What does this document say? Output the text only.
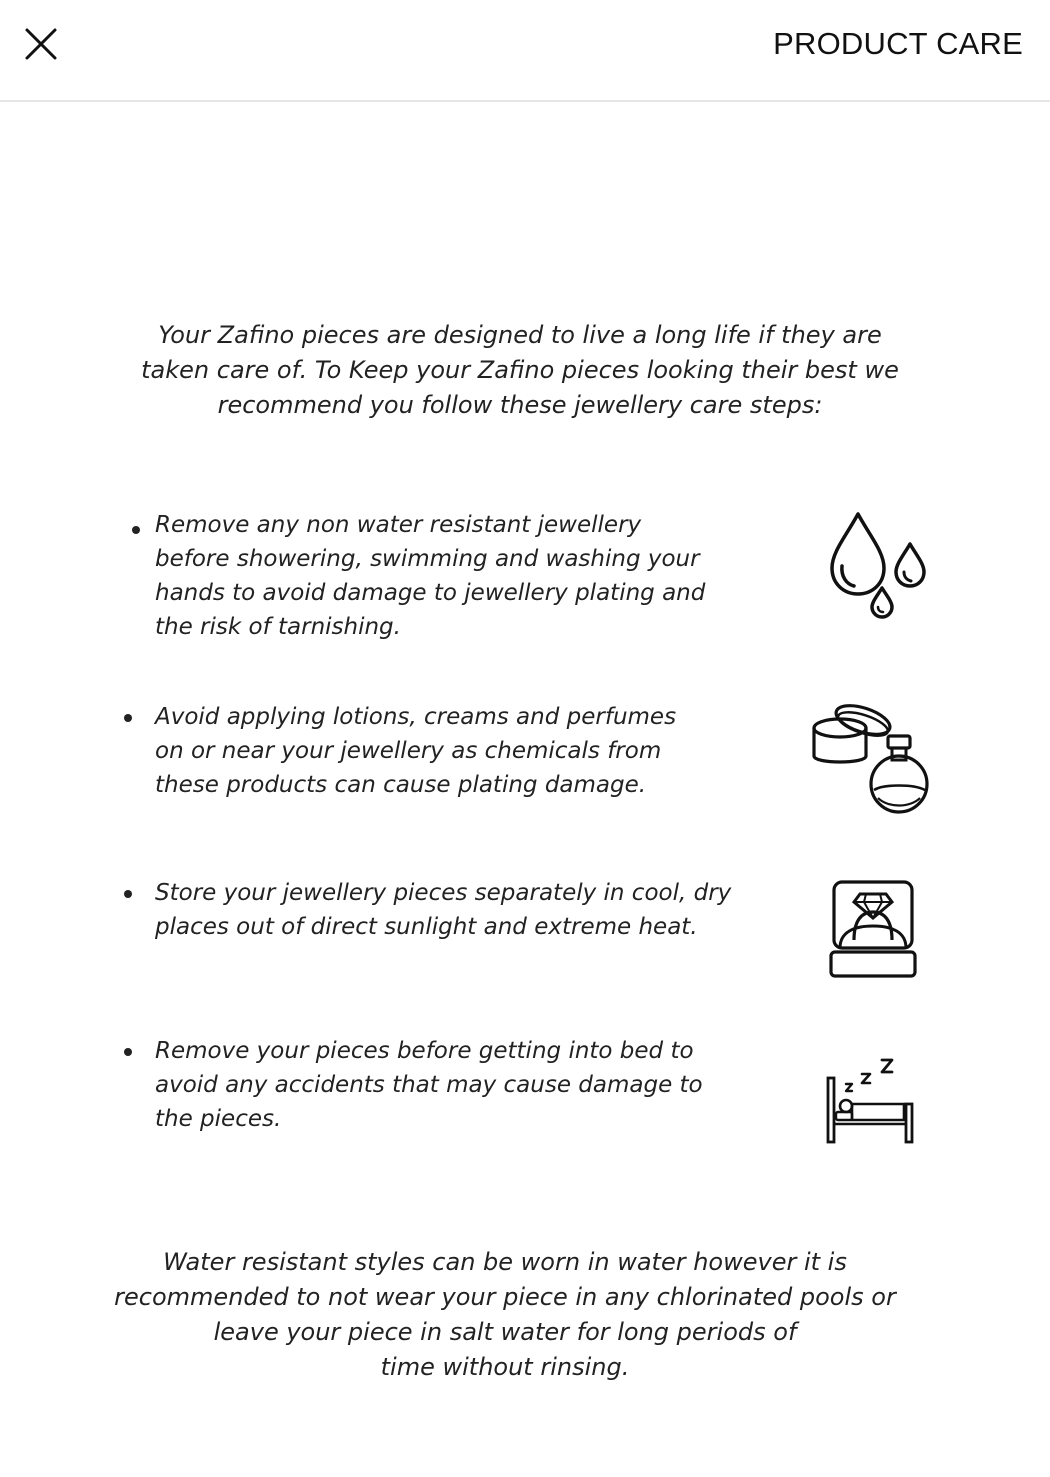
PRODUCT CARE
Your Zafino pieces are designed to live a long life if they are
taken care of. To Keep your Zafino pieces looking their best we
recommend you follow these jewellery care steps:
Remove any non water resistant jewellery
before showering, swimming and washing your
hands to avoid damage to jewellery plating and
the risk of tarnishing.
Avoid applying lotions, creams and perfumes
on or near your jewellery as chemicals from
these products can cause plating damage.
Store your jewellery pieces separately in cool, dry
places out of direct sunlight and extreme heat.
Remove your pieces before getting into bed to
avoid any accidents that may cause damage to
the pieces.
Water resistant styles can be worn in water however it is
recommended to not wear your piece in any chlorinated pools or
leave your piece in salt water for long periods of
time without rinsing.
